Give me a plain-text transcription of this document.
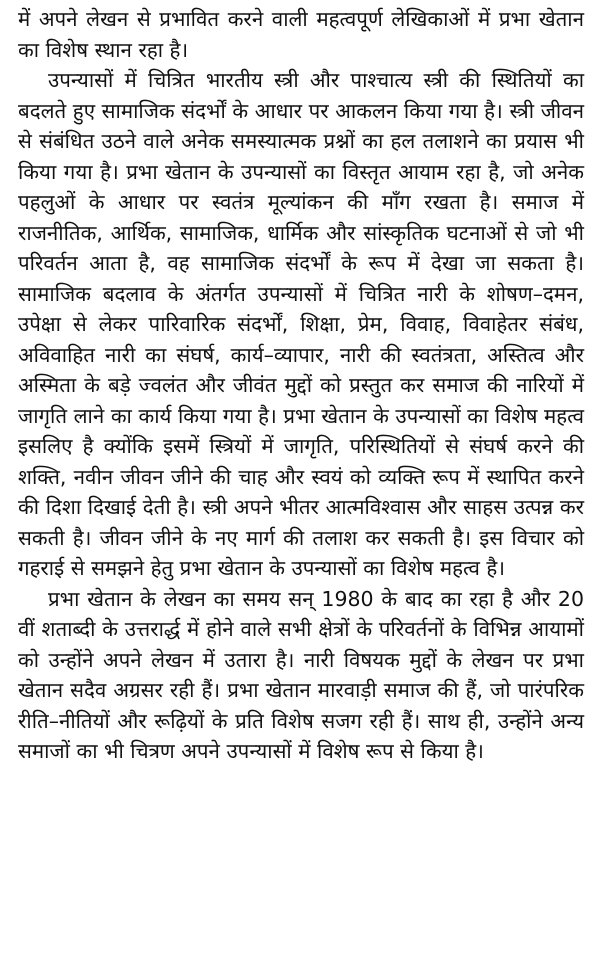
में अपने लेखन से प्रभावित करने वाली महत्वपूर्ण लेखिकाओं में प्रभा खेतान का विशेष स्थान रहा है।

उपन्यासों में चित्रित भारतीय स्त्री और पाश्चात्य स्त्री की स्थितियों का बदलते हुए सामाजिक संदर्भों के आधार पर आकलन किया गया है। स्त्री जीवन से संबंधित उठने वाले अनेक समस्यात्मक प्रश्नों का हल तलाशने का प्रयास भी किया गया है। प्रभा खेतान के उपन्यासों का विस्तृत आयाम रहा है, जो अनेक पहलुओं के आधार पर स्वतंत्र मूल्यांकन की माँग रखता है। समाज में राजनीतिक, आर्थिक, सामाजिक, धार्मिक और सांस्कृतिक घटनाओं से जो भी परिवर्तन आता है, वह सामाजिक संदर्भों के रूप में देखा जा सकता है। सामाजिक बदलाव के अंतर्गत उपन्यासों में चित्रित नारी के शोषण–दमन, उपेक्षा से लेकर पारिवारिक संदर्भों, शिक्षा, प्रेम, विवाह, विवाहेतर संबंध, अविवाहित नारी का संघर्ष, कार्य–व्यापार, नारी की स्वतंत्रता, अस्तित्व और अस्मिता के बड़े ज्वलंत और जीवंत मुद्दों को प्रस्तुत कर समाज की नारियों में जागृति लाने का कार्य किया गया है। प्रभा खेतान के उपन्यासों का विशेष महत्व इसलिए है क्योंकि इसमें स्त्रियों में जागृति, परिस्थितियों से संघर्ष करने की शक्ति, नवीन जीवन जीने की चाह और स्वयं को व्यक्ति रूप में स्थापित करने की दिशा दिखाई देती है। स्त्री अपने भीतर आत्मविश्वास और साहस उत्पन्न कर सकती है। जीवन जीने के नए मार्ग की तलाश कर सकती है। इस विचार को गहराई से समझने हेतु प्रभा खेतान के उपन्यासों का विशेष महत्व है।

प्रभा खेतान के लेखन का समय सन् 1980 के बाद का रहा है और 20 वीं शताब्दी के उत्तरार्द्ध में होने वाले सभी क्षेत्रों के परिवर्तनों के विभिन्न आयामों को उन्होंने अपने लेखन में उतारा है। नारी विषयक मुद्दों के लेखन पर प्रभा खेतान सदैव अग्रसर रही हैं। प्रभा खेतान मारवाड़ी समाज की हैं, जो पारंपरिक रीति–नीतियों और रूढ़ियों के प्रति विशेष सजग रही हैं। साथ ही, उन्होंने अन्य समाजों का भी चित्रण अपने उपन्यासों में विशेष रूप से किया है।
